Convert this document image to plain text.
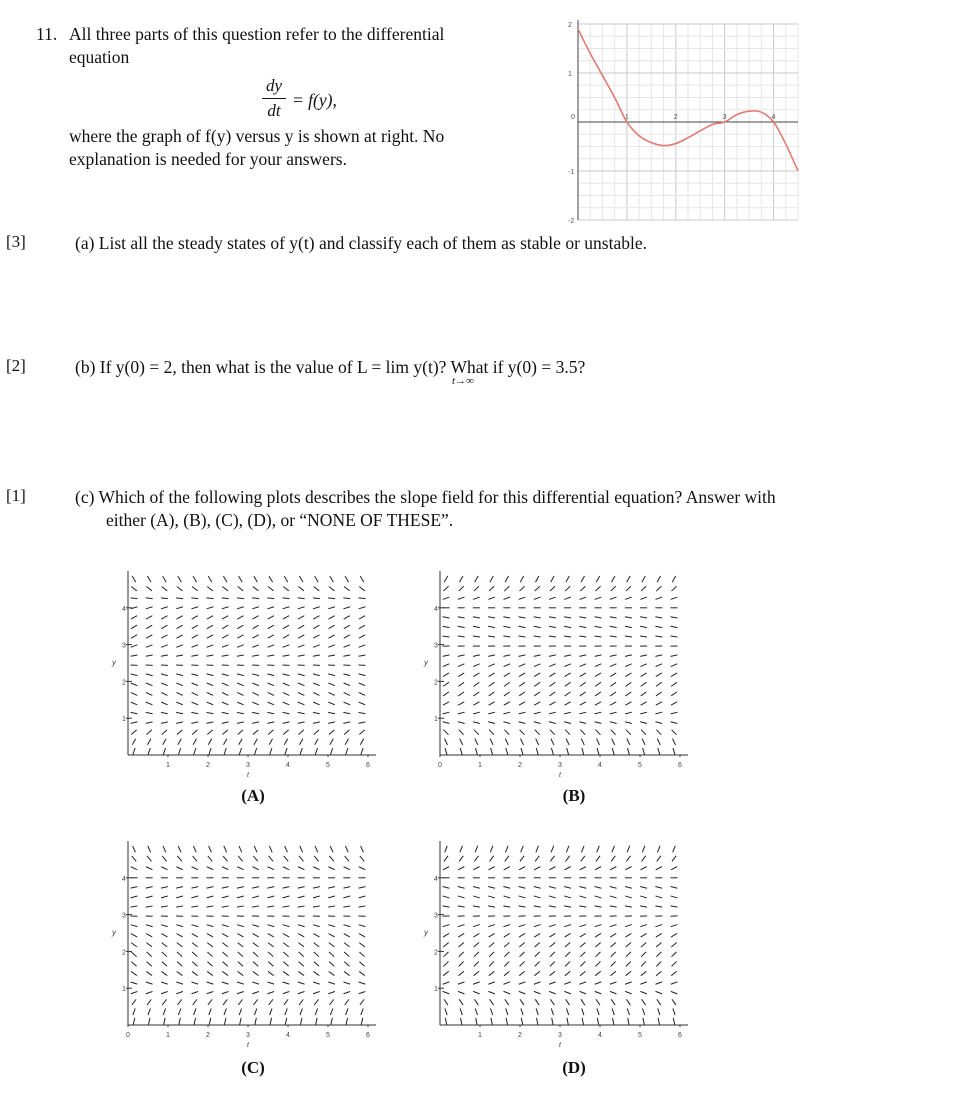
11. All three parts of this question refer to the differential
equation
dy
dt
= f(y),
where the graph of f(y) versus y is shown at right. No
explanation is needed for your answers.
0	1	2	3	4
2
1
-1
-2
[3]	(a) List all the steady states of y(t) and classify each of them as stable or unstable.
[2]	(b) If y(0) = 2, then what is the value of L = lim y(t)? What if y(0) = 3.5?
t→∞
[1]	(c) Which of the following plots describes the slope field for this differential equation? Answer with
either (A), (B), (C), (D), or “NONE OF THESE”.
1	2	3	4	5	6
1
2
3
4
t
y
(A)
0	1	2	3	4	5	6
1
2
3
4
t
y
(B)
0	1	2	3	4	5	6
1
2
3
4
t
y
(C)
1	2	3	4	5	6
1
2
3
4
t
y
(D)
